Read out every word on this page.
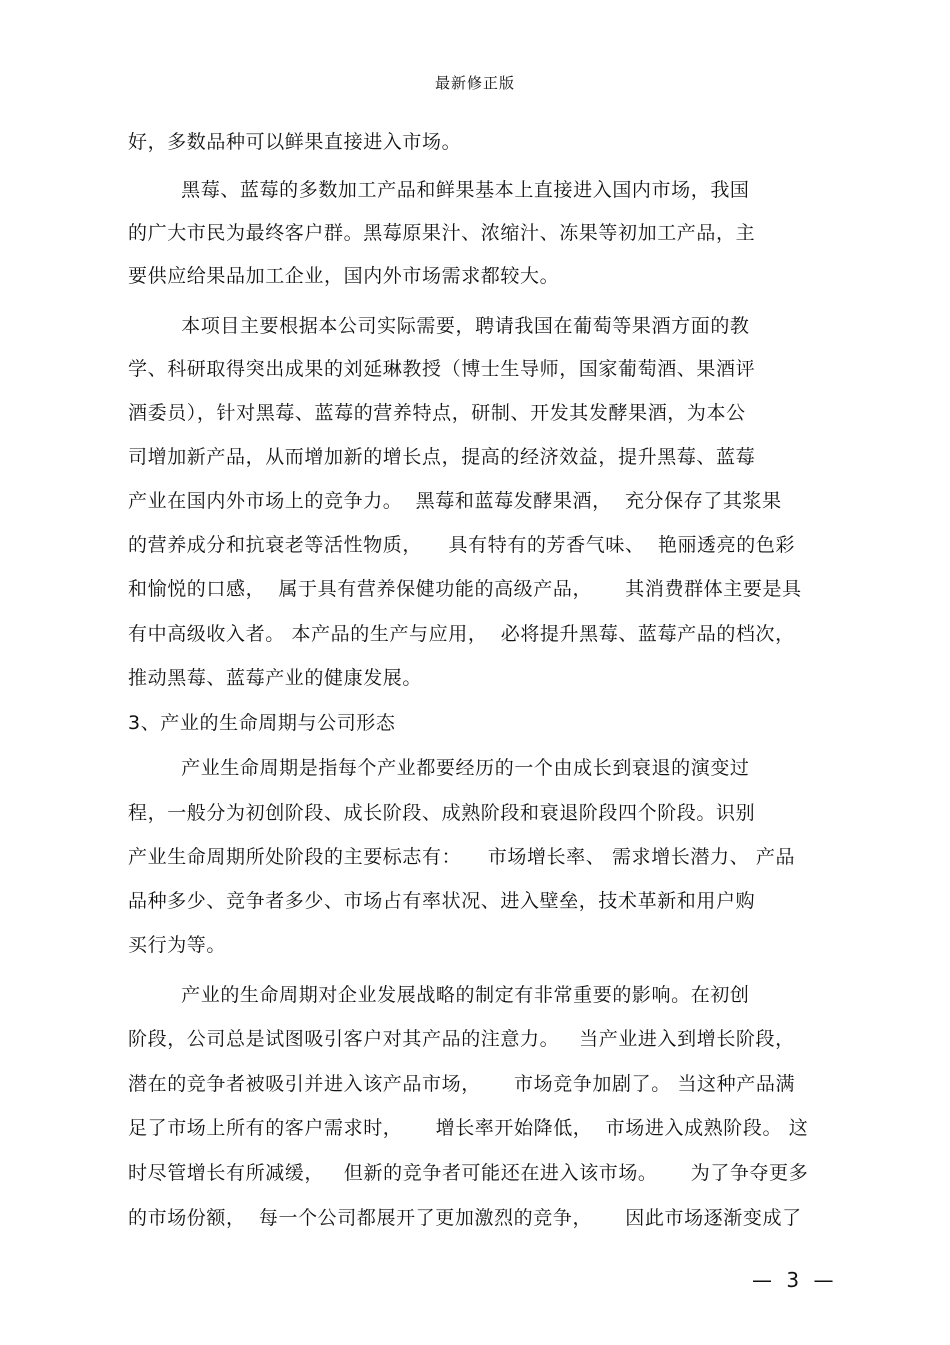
最新修正版
好，多数品种可以鲜果直接进入市场。
黑莓、蓝莓的多数加工产品和鲜果基本上直接进入国内市场，我国
的广大市民为最终客户群。黑莓原果汁、浓缩汁、冻果等初加工产品，主
要供应给果品加工企业，国内外市场需求都较大。
本项目主要根据本公司实际需要，聘请我国在葡萄等果酒方面的教
学、科研取得突出成果的刘延琳教授（博士生导师，国家葡萄酒、果酒评
酒委员），针对黑莓、蓝莓的营养特点，研制、开发其发酵果酒，为本公
司增加新产品，从而增加新的增长点，提高的经济效益，提升黑莓、蓝莓
产业在国内外市场上的竞争力。  黑莓和蓝莓发酵果酒，  充分保存了其浆果
的营养成分和抗衰老等活性物质，    具有特有的芳香气味、  艳丽透亮的色彩
和愉悦的口感，  属于具有营养保健功能的高级产品，     其消费群体主要是具
有中高级收入者。 本产品的生产与应用，  必将提升黑莓、蓝莓产品的档次，
推动黑莓、蓝莓产业的健康发展。
3、产业的生命周期与公司形态
产业生命周期是指每个产业都要经历的一个由成长到衰退的演变过
程，一般分为初创阶段、成长阶段、成熟阶段和衰退阶段四个阶段。识别
产业生命周期所处阶段的主要标志有：    市场增长率、 需求增长潜力、 产品
品种多少、竞争者多少、市场占有率状况、进入壁垒，技术革新和用户购
买行为等。
产业的生命周期对企业发展战略的制定有非常重要的影响。在初创
阶段，公司总是试图吸引客户对其产品的注意力。   当产业进入到增长阶段，
潜在的竞争者被吸引并进入该产品市场，     市场竞争加剧了。 当这种产品满
足了市场上所有的客户需求时，     增长率开始降低，  市场进入成熟阶段。 这
时尽管增长有所减缓，   但新的竞争者可能还在进入该市场。     为了争夺更多
的市场份额，  每一个公司都展开了更加激烈的竞争，     因此市场逐渐变成了
— 3 —
